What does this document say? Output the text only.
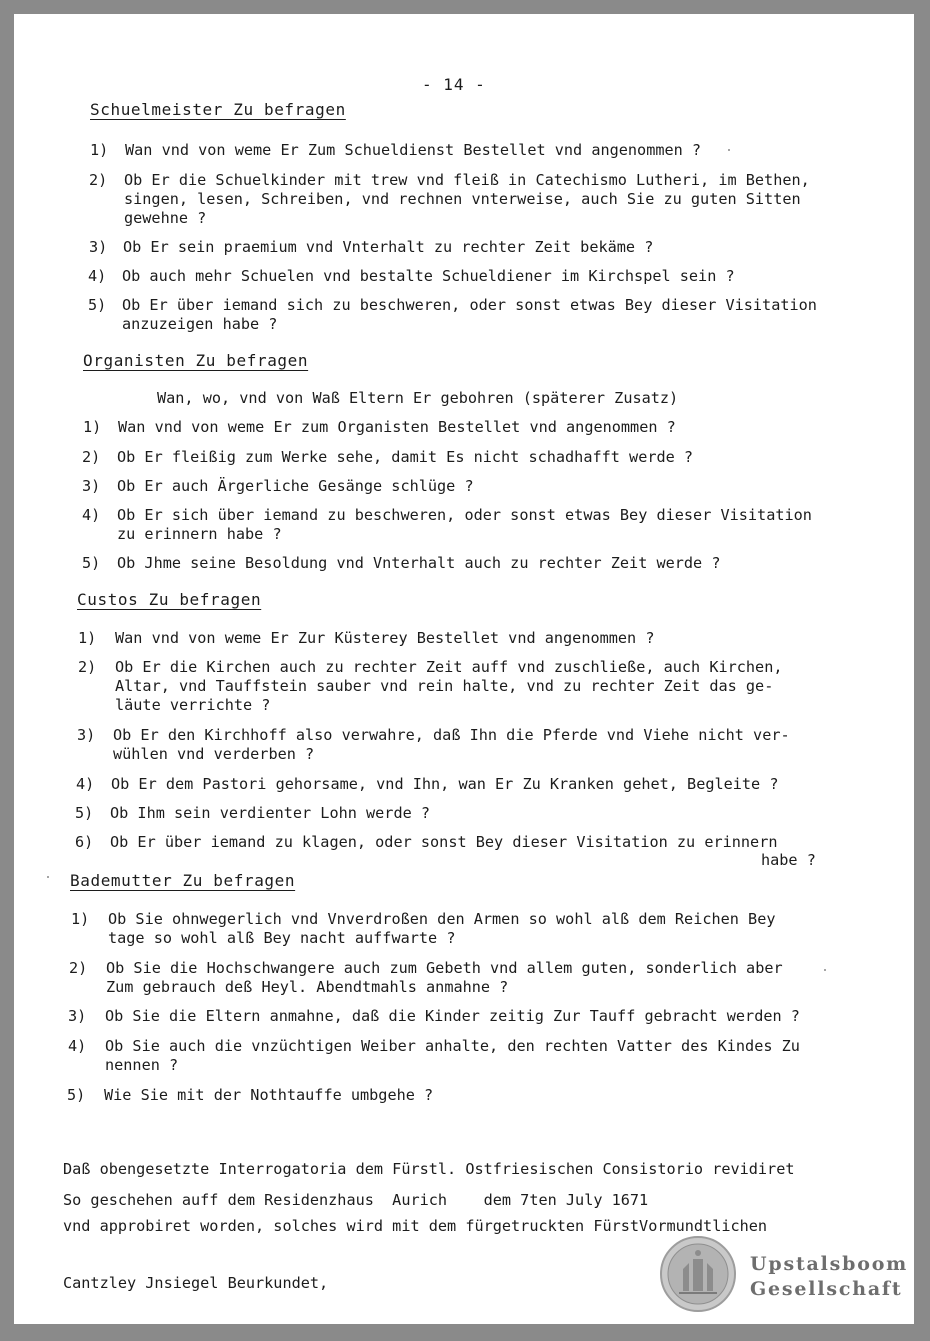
- 14 -
Schuelmeister Zu befragen
1) Wan vnd von weme Er Zum Schueldienst Bestellet vnd angenommen ?
2) Ob Er die Schuelkinder mit trew vnd fleiß in Catechismo Lutheri, im Bethen,
singen, lesen, Schreiben, vnd rechnen vnterweise, auch Sie zu guten Sitten
gewehne ?
3) Ob Er sein praemium vnd Vnterhalt zu rechter Zeit bekäme ?
4) Ob auch mehr Schuelen vnd bestalte Schueldiener im Kirchspel sein ?
5) Ob Er über iemand sich zu beschweren, oder sonst etwas Bey dieser Visitation
anzuzeigen habe ?
Organisten Zu befragen
Wan, wo, vnd von Waß Eltern Er gebohren (späterer Zusatz)
1) Wan vnd von weme Er zum Organisten Bestellet vnd angenommen ?
2) Ob Er fleißig zum Werke sehe, damit Es nicht schadhafft werde ?
3) Ob Er auch Ärgerliche Gesänge schlüge ?
4) Ob Er sich über iemand zu beschweren, oder sonst etwas Bey dieser Visitation
zu erinnern habe ?
5) Ob Jhme seine Besoldung vnd Vnterhalt auch zu rechter Zeit werde ?
Custos Zu befragen
1) Wan vnd von weme Er Zur Küsterey Bestellet vnd angenommen ?
2) Ob Er die Kirchen auch zu rechter Zeit auff vnd zuschließe, auch Kirchen,
Altar, vnd Tauffstein sauber vnd rein halte, vnd zu rechter Zeit das ge-
läute verrichte ?
3) Ob Er den Kirchhoff also verwahre, daß Ihn die Pferde vnd Viehe nicht ver-
wühlen vnd verderben ?
4) Ob Er dem Pastori gehorsame, vnd Ihn, wan Er Zu Kranken gehet, Begleite ?
5) Ob Ihm sein verdienter Lohn werde ?
6) Ob Er über iemand zu klagen, oder sonst Bey dieser Visitation zu erinnern
habe ?
Bademutter Zu befragen
1) Ob Sie ohnwegerlich vnd Vnverdroßen den Armen so wohl alß dem Reichen Bey
tage so wohl alß Bey nacht auffwarte ?
2) Ob Sie die Hochschwangere auch zum Gebeth vnd allem guten, sonderlich aber
Zum gebrauch deß Heyl. Abendtmahls anmahne ?
3) Ob Sie die Eltern anmahne, daß die Kinder zeitig Zur Tauff gebracht werden ?
4) Ob Sie auch die vnzüchtigen Weiber anhalte, den rechten Vatter des Kindes Zu
nennen ?
5) Wie Sie mit der Nothtauffe umbgehe ?

Daß obengesetzte Interrogatoria dem Fürstl. Ostfriesischen Consistorio revidiret

vnd approbiret worden, solches wird mit dem fürgetruckten FürstVormundtlichen

Cantzley Jnsiegel Beurkundet,

So geschehen auff dem Residenzhaus  Aurich    dem 7ten July 1671
Upstalsboom
Gesellschaft
